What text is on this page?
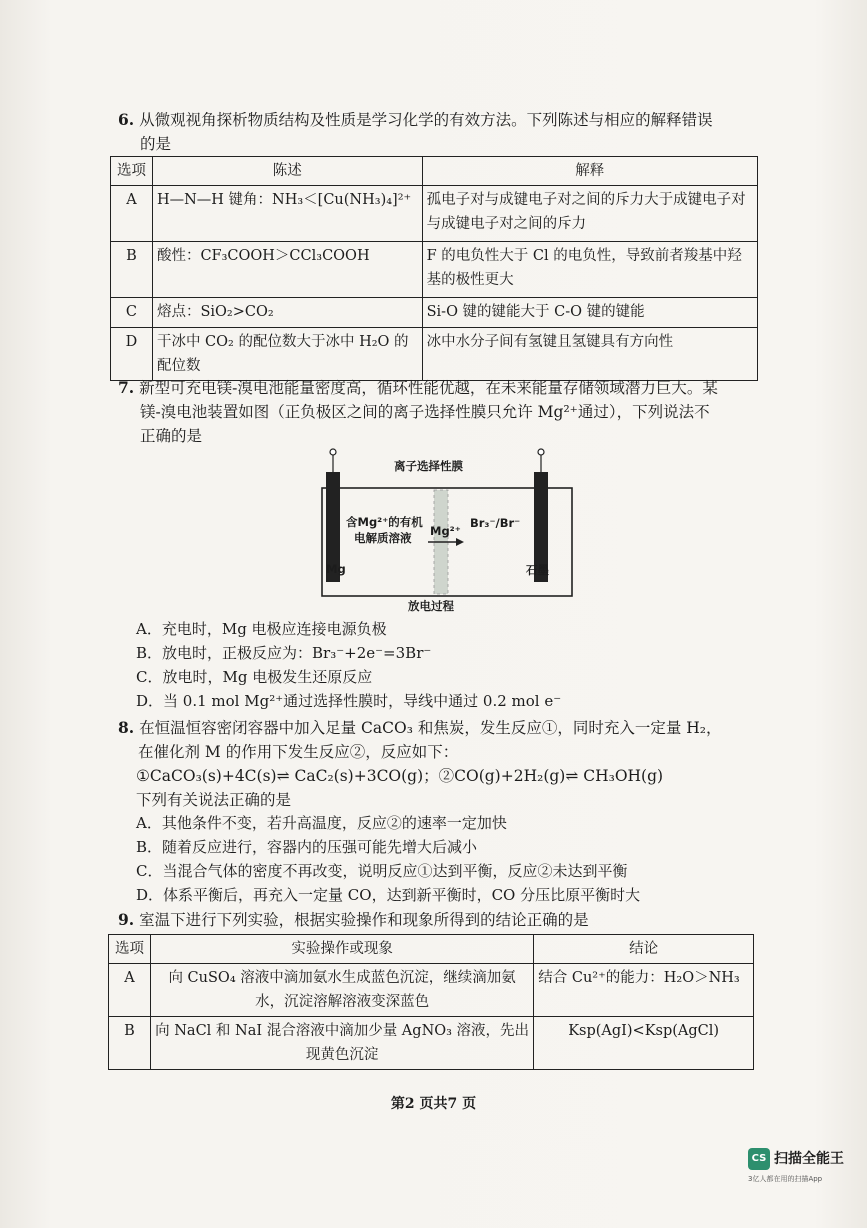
6. 从微观视角探析物质结构及性质是学习化学的有效方法。下列陈述与相应的解释错误
的是
选项	陈述	解释
A	H—N—H 键角：NH₃＜[Cu(NH₃)₄]²⁺	孤电子对与成键电子对之间的斥力大于成键电子对与成键电子对之间的斥力
B	酸性：CF₃COOH＞CCl₃COOH	F 的电负性大于 Cl 的电负性，导致前者羧基中羟基的极性更大
C	熔点：SiO₂>CO₂	Si-O 键的键能大于 C-O 键的键能
D	干冰中 CO₂ 的配位数大于冰中 H₂O 的配位数	冰中水分子间有氢键且氢键具有方向性
7. 新型可充电镁-溴电池能量密度高，循环性能优越，在未来能量存储领域潜力巨大。某
镁-溴电池装置如图（正负极区之间的离子选择性膜只允许 Mg²⁺通过），下列说法不
正确的是
离子选择性膜
含Mg²⁺的有机
电解质溶液 Mg²⁺
Br₃⁻/Br⁻
Mg	石墨
放电过程
A．充电时，Mg 电极应连接电源负极
B．放电时，正极反应为：Br₃⁻+2e⁻=3Br⁻
C．放电时，Mg 电极发生还原反应
D．当 0.1 mol Mg²⁺通过选择性膜时，导线中通过 0.2 mol e⁻
8. 在恒温恒容密闭容器中加入足量 CaCO₃ 和焦炭，发生反应①，同时充入一定量 H₂，
在催化剂 M 的作用下发生反应②，反应如下：
①CaCO₃(s)+4C(s)⇌ CaC₂(s)+3CO(g)；②CO(g)+2H₂(g)⇌ CH₃OH(g)
下列有关说法正确的是
A．其他条件不变，若升高温度，反应②的速率一定加快
B．随着反应进行，容器内的压强可能先增大后减小
C．当混合气体的密度不再改变，说明反应①达到平衡，反应②未达到平衡
D．体系平衡后，再充入一定量 CO，达到新平衡时，CO 分压比原平衡时大
9. 室温下进行下列实验，根据实验操作和现象所得到的结论正确的是
选项	实验操作或现象	结论
A	向 CuSO₄ 溶液中滴加氨水生成蓝色沉淀，继续滴加氨水，沉淀溶解溶液变深蓝色	结合 Cu²⁺的能力：H₂O＞NH₃
B	向 NaCl 和 NaI 混合溶液中滴加少量 AgNO₃ 溶液，先出现黄色沉淀	Ksp(AgI)<Ksp(AgCl)
第2 页共7 页
CS 扫描全能王
3亿人都在用的扫描App
